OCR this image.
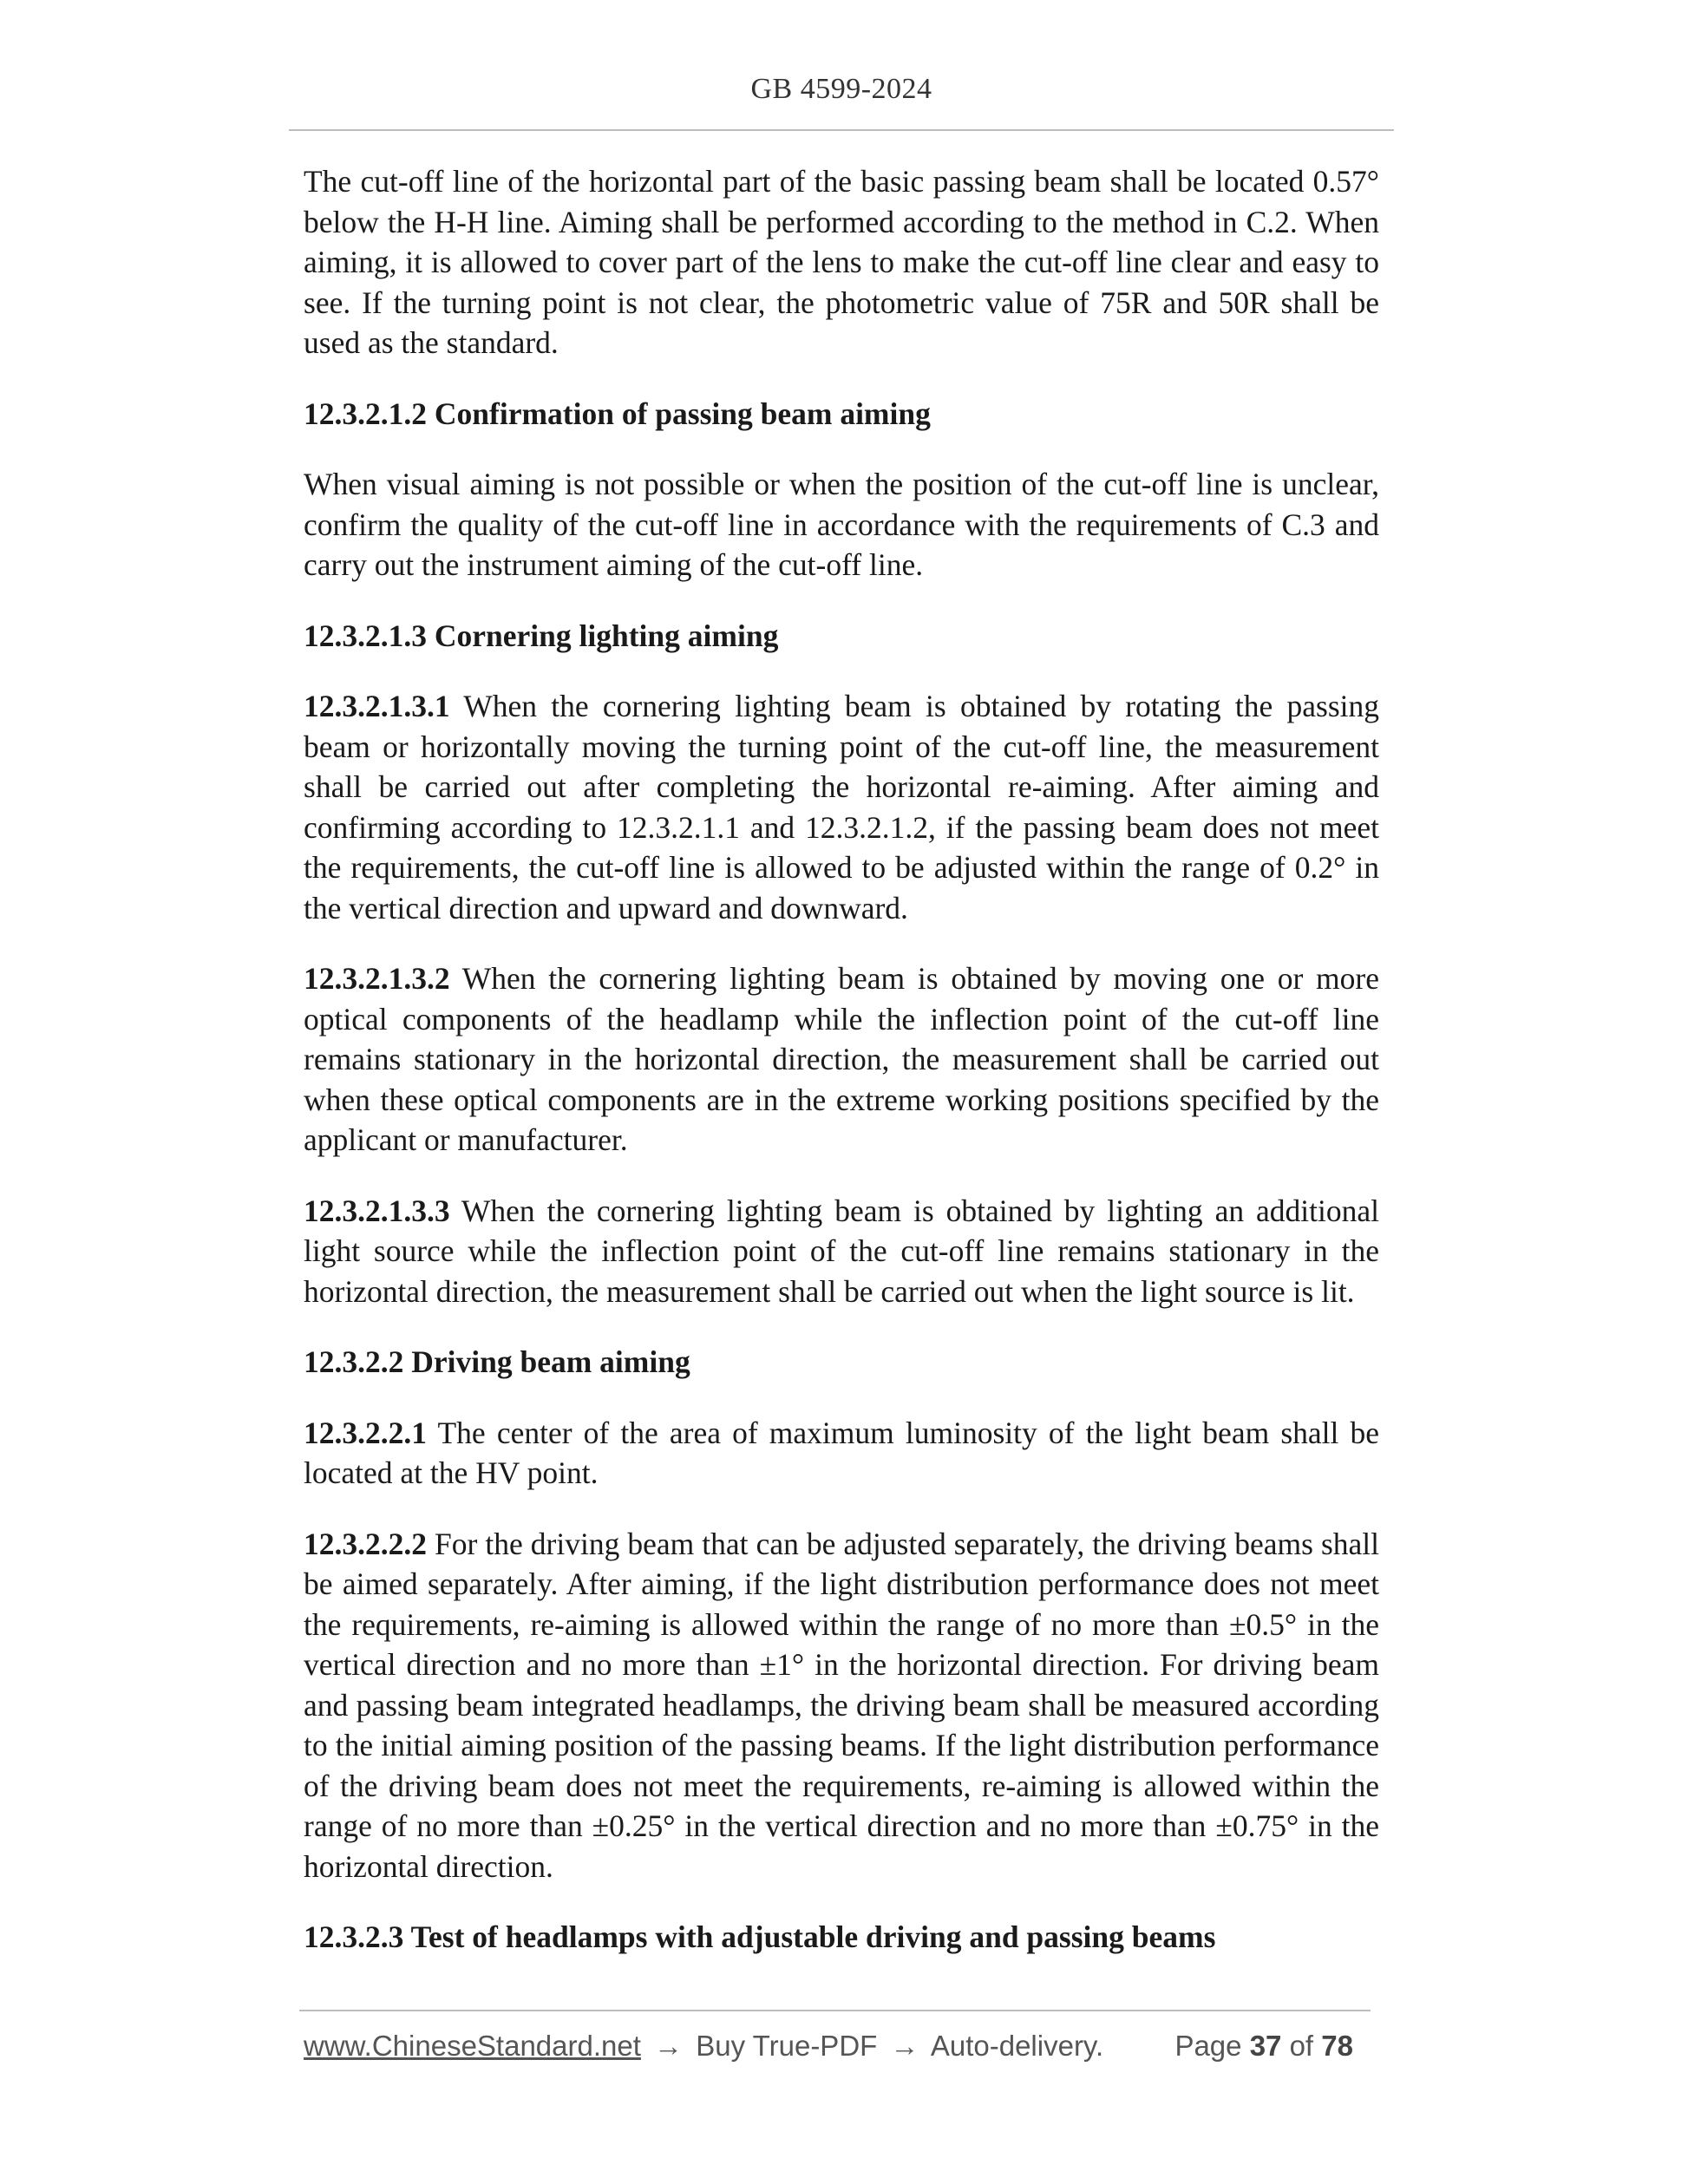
GB 4599-2024

The cut-off line of the horizontal part of the basic passing beam shall be located 0.57° below the H-H line. Aiming shall be performed according to the method in C.2. When aiming, it is allowed to cover part of the lens to make the cut-off line clear and easy to see. If the turning point is not clear, the photometric value of 75R and 50R shall be used as the standard.

12.3.2.1.2 Confirmation of passing beam aiming

When visual aiming is not possible or when the position of the cut-off line is unclear, confirm the quality of the cut-off line in accordance with the requirements of C.3 and carry out the instrument aiming of the cut-off line.

12.3.2.1.3 Cornering lighting aiming

12.3.2.1.3.1 When the cornering lighting beam is obtained by rotating the passing beam or horizontally moving the turning point of the cut-off line, the measurement shall be carried out after completing the horizontal re-aiming. After aiming and confirming according to 12.3.2.1.1 and 12.3.2.1.2, if the passing beam does not meet the requirements, the cut-off line is allowed to be adjusted within the range of 0.2° in the vertical direction and upward and downward.

12.3.2.1.3.2 When the cornering lighting beam is obtained by moving one or more optical components of the headlamp while the inflection point of the cut-off line remains stationary in the horizontal direction, the measurement shall be carried out when these optical components are in the extreme working positions specified by the applicant or manufacturer.

12.3.2.1.3.3 When the cornering lighting beam is obtained by lighting an additional light source while the inflection point of the cut-off line remains stationary in the horizontal direction, the measurement shall be carried out when the light source is lit.

12.3.2.2 Driving beam aiming

12.3.2.2.1 The center of the area of maximum luminosity of the light beam shall be located at the HV point.

12.3.2.2.2 For the driving beam that can be adjusted separately, the driving beams shall be aimed separately. After aiming, if the light distribution performance does not meet the requirements, re-aiming is allowed within the range of no more than ±0.5° in the vertical direction and no more than ±1° in the horizontal direction. For driving beam and passing beam integrated headlamps, the driving beam shall be measured according to the initial aiming position of the passing beams. If the light distribution performance of the driving beam does not meet the requirements, re-aiming is allowed within the range of no more than ±0.25° in the vertical direction and no more than ±0.75° in the horizontal direction.

12.3.2.3 Test of headlamps with adjustable driving and passing beams
www.ChineseStandard.net → Buy True-PDF → Auto-delivery. Page 37 of 78
